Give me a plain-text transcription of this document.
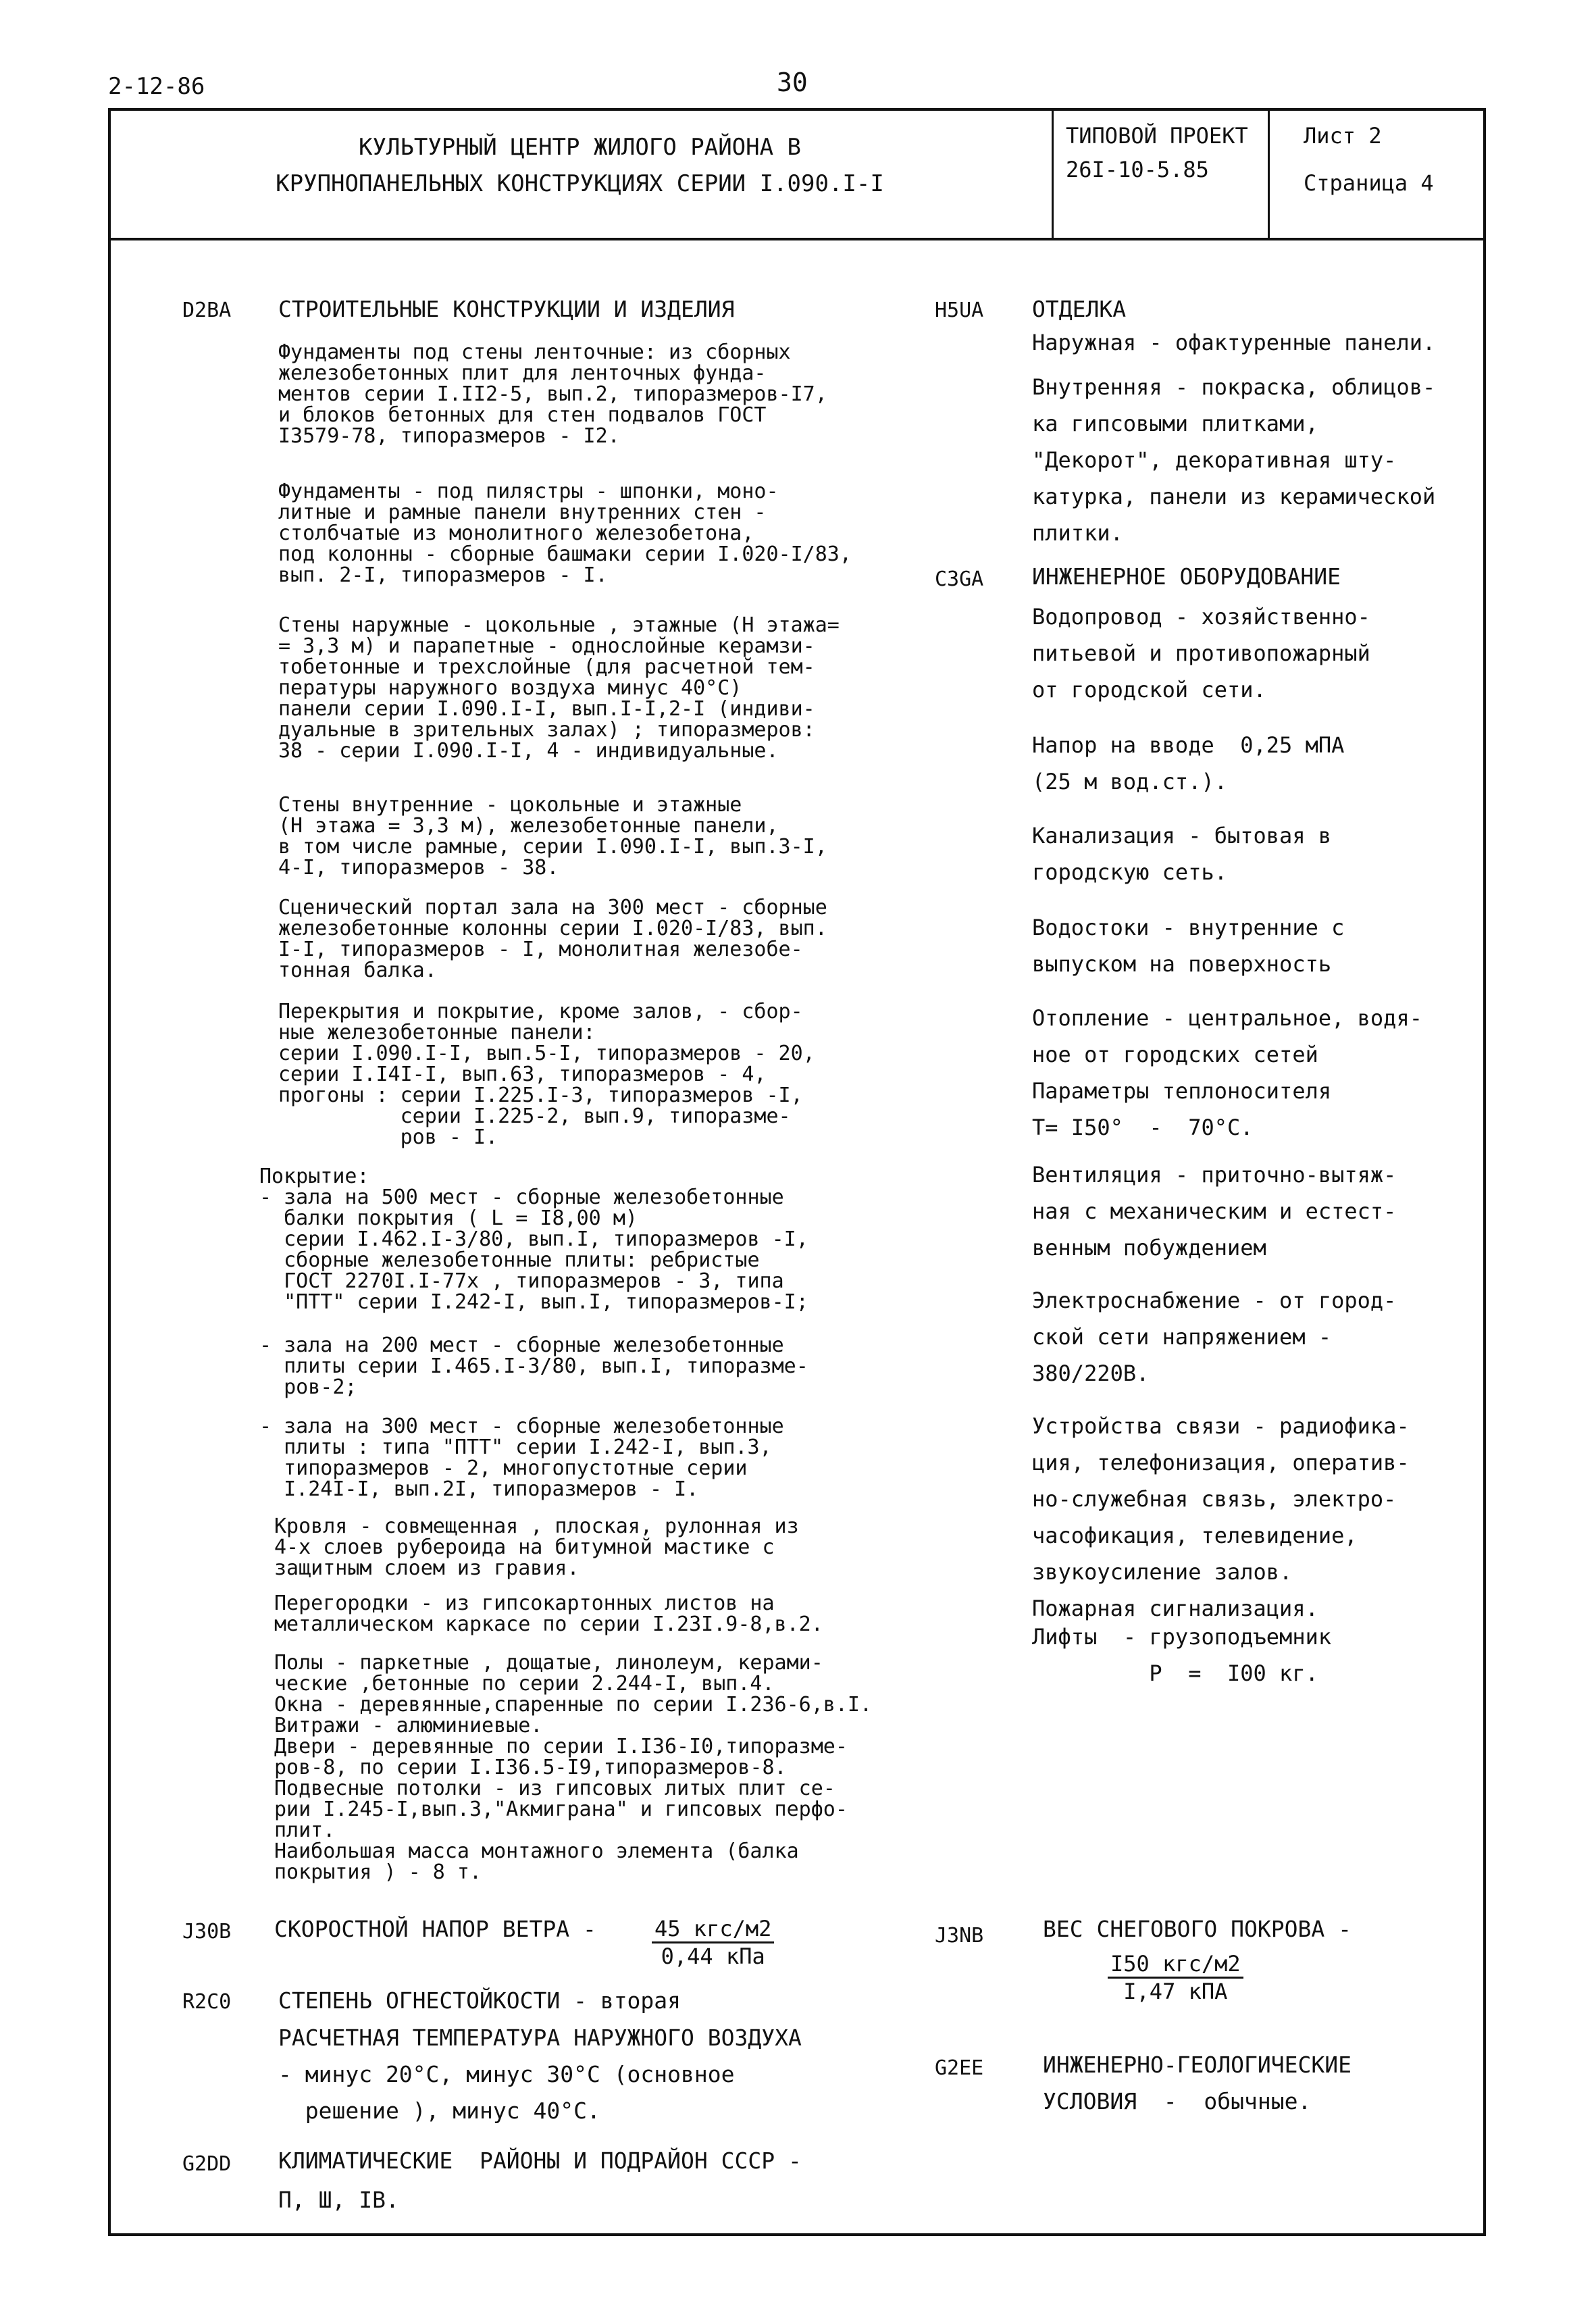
2-12-86	30
КУЛЬТУРНЫЙ ЦЕНТР ЖИЛОГО РАЙОНА В
КРУПНОПАНЕЛЬНЫХ КОНСТРУКЦИЯХ СЕРИИ I.090.I-I
ТИПОВОЙ ПРОЕКТ
26I-10-5.85
Лист 2
Страница 4
D2BA СТРОИТЕЛЬНЫЕ КОНСТРУКЦИИ И ИЗДЕЛИЯ
Фундаменты под стены ленточные: из сборных
железобетонных плит для ленточных фунда-
ментов серии I.II2-5, вып.2, типоразмеров-I7,
и блоков бетонных для стен подвалов ГОСТ
I3579-78, типоразмеров - I2.
Фундаменты - под пилястры - шпонки, моно-
литные и рамные панели внутренних стен -
столбчатые из монолитного железобетона,
под колонны - сборные башмаки серии I.020-I/83,
вып. 2-I, типоразмеров - I.
Стены наружные - цокольные , этажные (Н этажа=
= 3,3 м) и парапетные - однослойные керамзи-
тобетонные и трехслойные (для расчетной тем-
пературы наружного воздуха минус 40°С)
панели серии I.090.I-I, вып.I-I,2-I (индиви-
дуальные в зрительных залах) ; типоразмеров:
38 - серии I.090.I-I, 4 - индивидуальные.
Стены внутренние - цокольные и этажные
(Н этажа = 3,3 м), железобетонные панели,
в том числе рамные, серии I.090.I-I, вып.3-I,
4-I, типоразмеров - 38.
Сценический портал зала на 300 мест - сборные
железобетонные колонны серии I.020-I/83, вып.
I-I, типоразмеров - I, монолитная железобе-
тонная балка.
Перекрытия и покрытие, кроме залов, - сбор-
ные железобетонные панели:
серии I.090.I-I, вып.5-I, типоразмеров - 20,
серии I.I4I-I, вып.63, типоразмеров - 4,
прогоны : серии I.225.I-3, типоразмеров -I,
серии I.225-2, вып.9, типоразме-
ров - I.
Покрытие:
- зала на 500 мест - сборные железобетонные
балки покрытия ( L = I8,00 м)
серии I.462.I-3/80, вып.I, типоразмеров -I,
сборные железобетонные плиты: ребристые
ГОСТ 2270I.I-77х , типоразмеров - 3, типа
"ПТТ" серии I.242-I, вып.I, типоразмеров-I;
- зала на 200 мест - сборные железобетонные
плиты серии I.465.I-3/80, вып.I, типоразме-
ров-2;
- зала на 300 мест - сборные железобетонные
плиты : типа "ПТТ" серии I.242-I, вып.3,
типоразмеров - 2, многопустотные серии
I.24I-I, вып.2I, типоразмеров - I.
Кровля - совмещенная , плоская, рулонная из
4-х слоев рубероида на битумной мастике с
защитным слоем из гравия.
Перегородки - из гипсокартонных листов на
металлическом каркасе по серии I.23I.9-8,в.2.
Полы - паркетные , дощатые, линолеум, керами-
ческие ,бетонные по серии 2.244-I, вып.4.
Окна - деревянные,спаренные по серии I.236-6,в.I.
Витражи - алюминиевые.
Двери - деревянные по серии I.I36-I0,типоразме-
ров-8, по серии I.I36.5-I9,типоразмеров-8.
Подвесные потолки - из гипсовых литых плит се-
рии I.245-I,вып.3,"Акмиграна" и гипсовых перфо-
плит.
Наибольшая масса монтажного элемента (балка
покрытия ) - 8 т.
H5UA ОТДЕЛКА
Наружная - офактуренные панели.
Внутренняя - покраска, облицов-
ка гипсовыми плитками,
"Декорот", декоративная шту-
катурка, панели из керамической
плитки.
C3GA ИНЖЕНЕРНОЕ ОБОРУДОВАНИЕ
Водопровод - хозяйственно-
питьевой и противопожарный
от городской сети.
Напор на вводе  0,25 мПА
(25 м вод.ст.).
Канализация - бытовая в
городскую сеть.
Водостоки - внутренние с
выпуском на поверхность
Отопление - центральное, водя-
ное от городских сетей
Параметры теплоносителя
Т= I50°  -  70°С.
Вентиляция - приточно-вытяж-
ная с механическим и естест-
венным побуждением
Электроснабжение - от город-
ской сети напряжением -
380/220В.
Устройства связи - радиофика-
ция, телефонизация, оператив-
но-служебная связь, электро-
часофикация, телевидение,
звукоусиление залов.
Пожарная сигнализация.
Лифты  - грузоподъемник
Р  =  I00 кг.
J30B СКОРОСТНОЙ НАПОР ВЕТРА -	45 кгс/м2
0,44 кПа
J3NB	ВЕС СНЕГОВОГО ПОКРОВА -
I50 кгс/м2
I,47 кПА
R2C0 СТЕПЕНЬ ОГНЕСТОЙКОСТИ - вторая
РАСЧЕТНАЯ ТЕМПЕРАТУРА НАРУЖНОГО ВОЗДУХА
- минус 20°С, минус 30°С (основное
решение ), минус 40°С.
G2EE	ИНЖЕНЕРНО-ГЕОЛОГИЧЕСКИЕ
УСЛОВИЯ  -  обычные.
G2DD КЛИМАТИЧЕСКИЕ  РАЙОНЫ И ПОДРАЙОН СССР -
П, Ш, IВ.
